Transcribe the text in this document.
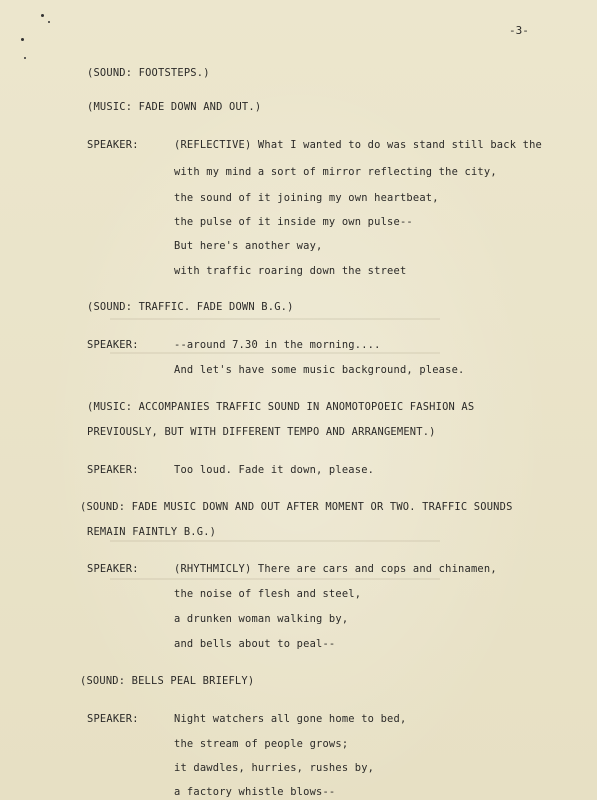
-3-
(SOUND: FOOTSTEPS.)
(MUSIC: FADE DOWN AND OUT.)
SPEAKER:	(REFLECTIVE) What I wanted to do was stand still back the
with my mind a sort of mirror reflecting the city,
the sound of it joining my own heartbeat,
the pulse of it inside my own pulse--
But here's another way,
with traffic roaring down the street
(SOUND: TRAFFIC. FADE DOWN B.G.)
SPEAKER:	--around 7.30 in the morning....
And let's have some music background, please.
(MUSIC: ACCOMPANIES TRAFFIC SOUND IN ANOMOTOPOEIC FASHION AS
PREVIOUSLY, BUT WITH DIFFERENT TEMPO AND ARRANGEMENT.)
SPEAKER:	Too loud. Fade it down, please.
(SOUND: FADE MUSIC DOWN AND OUT AFTER MOMENT OR TWO. TRAFFIC SOUNDS
REMAIN FAINTLY B.G.)
SPEAKER:	(RHYTHMICLY) There are cars and cops and chinamen,
the noise of flesh and steel,
a drunken woman walking by,
and bells about to peal--
(SOUND: BELLS PEAL BRIEFLY)
SPEAKER:	Night watchers all gone home to bed,
the stream of people grows;
it dawdles, hurries, rushes by,
a factory whistle blows--
